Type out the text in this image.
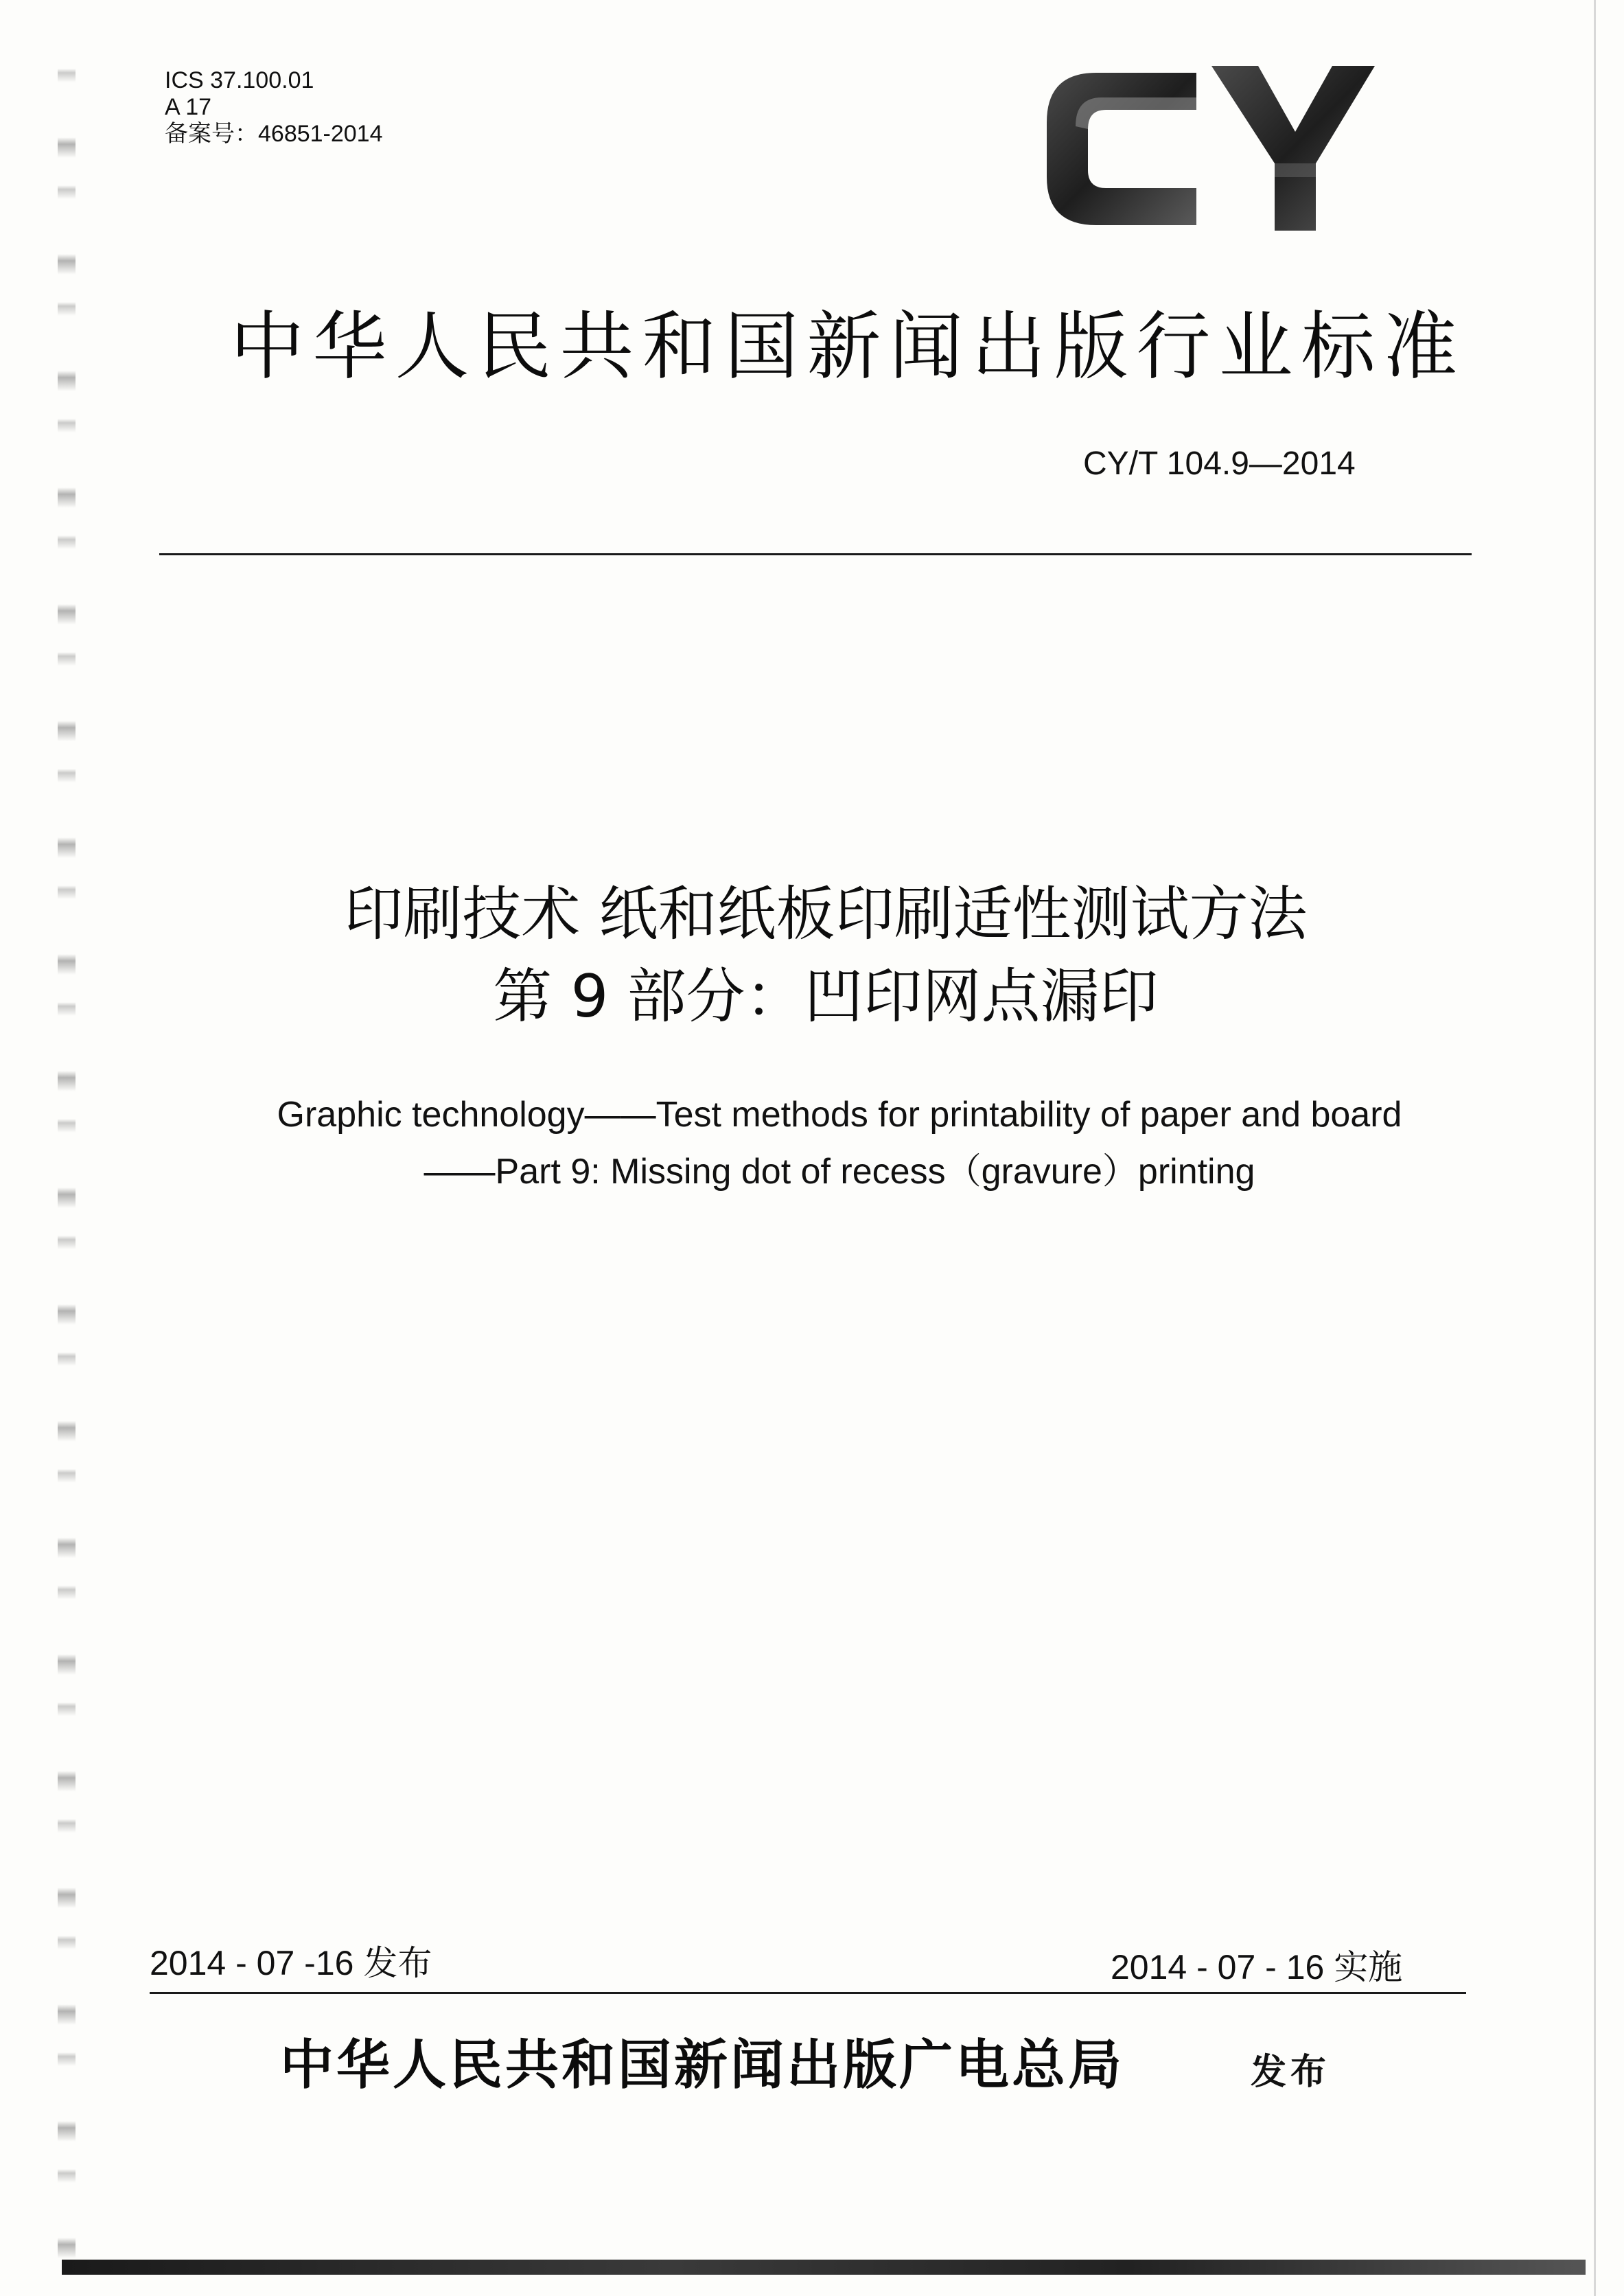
ICS 37.100.01
A 17
备案号：46851-2014
CY
中华人民共和国新闻出版行业标准
CY/T 104.9—2014
印刷技术 纸和纸板印刷适性测试方法
第 9 部分：凹印网点漏印
Graphic technology——Test methods for printability of paper and board
——Part 9: Missing dot of recess（gravure）printing
2014 - 07 -16 发布	2014 - 07 - 16 实施
中华人民共和国新闻出版广电总局	发布
